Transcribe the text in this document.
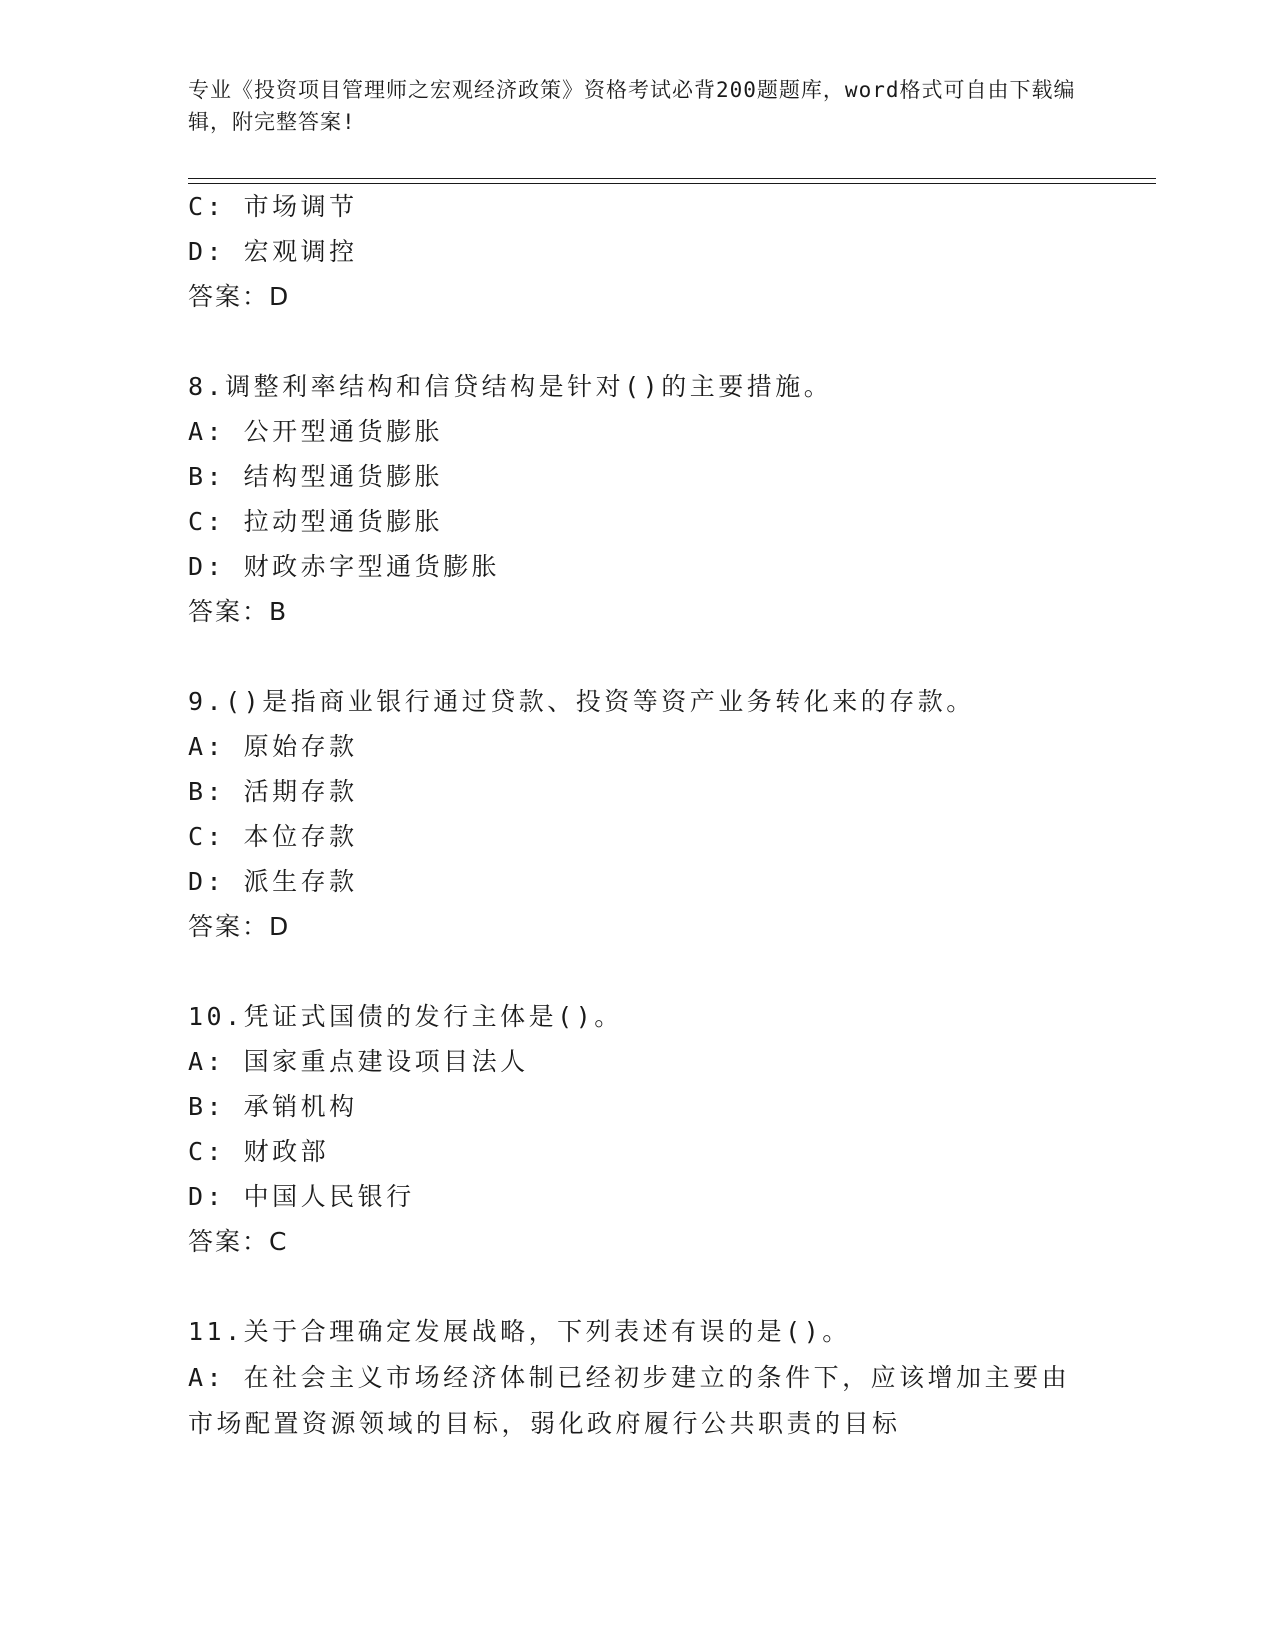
专业《投资项目管理师之宏观经济政策》资格考试必背200题题库，word格式可自由下载编辑，附完整答案!
C: 市场调节
D: 宏观调控
答案：D
8.调整利率结构和信贷结构是针对()的主要措施。
A: 公开型通货膨胀
B: 结构型通货膨胀
C: 拉动型通货膨胀
D: 财政赤字型通货膨胀
答案：B
9.()是指商业银行通过贷款、投资等资产业务转化来的存款。
A: 原始存款
B: 活期存款
C: 本位存款
D: 派生存款
答案：D
10.凭证式国债的发行主体是()。
A: 国家重点建设项目法人
B: 承销机构
C: 财政部
D: 中国人民银行
答案：C
11.关于合理确定发展战略，下列表述有误的是()。
A: 在社会主义市场经济体制已经初步建立的条件下，应该增加主要由市场配置资源领域的目标，弱化政府履行公共职责的目标
